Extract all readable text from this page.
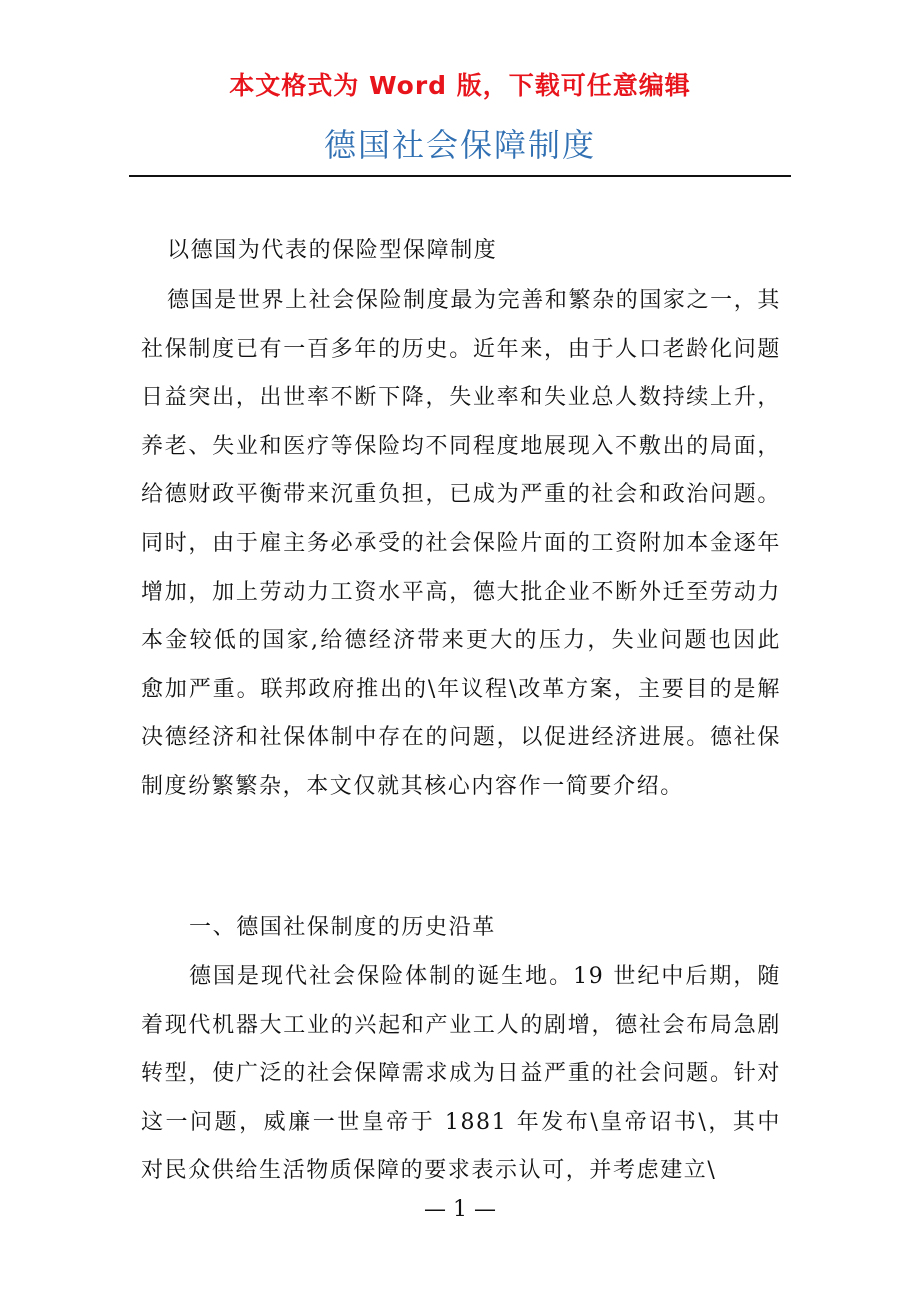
本文格式为 Word 版，下载可任意编辑
德国社会保障制度

以德国为代表的保险型保障制度

德国是世界上社会保险制度最为完善和繁杂的国家之一，其社保制度已有一百多年的历史。近年来，由于人口老龄化问题日益突出，出世率不断下降，失业率和失业总人数持续上升，养老、失业和医疗等保险均不同程度地展现入不敷出的局面，给德财政平衡带来沉重负担，已成为严重的社会和政治问题。同时，由于雇主务必承受的社会保险片面的工资附加本金逐年增加，加上劳动力工资水平高，德大批企业不断外迁至劳动力本金较低的国家,给德经济带来更大的压力，失业问题也因此愈加严重。联邦政府推出的\年议程\改革方案，主要目的是解决德经济和社保体制中存在的问题，以促进经济进展。德社保制度纷繁繁杂，本文仅就其核心内容作一简要介绍。

一、德国社保制度的历史沿革

德国是现代社会保险体制的诞生地。19 世纪中后期，随着现代机器大工业的兴起和产业工人的剧增，德社会布局急剧转型，使广泛的社会保障需求成为日益严重的社会问题。针对这一问题，威廉一世皇帝于 1881 年发布\皇帝诏书\，其中对民众供给生活物质保障的要求表示认可，并考虑建立\

— 1 —
